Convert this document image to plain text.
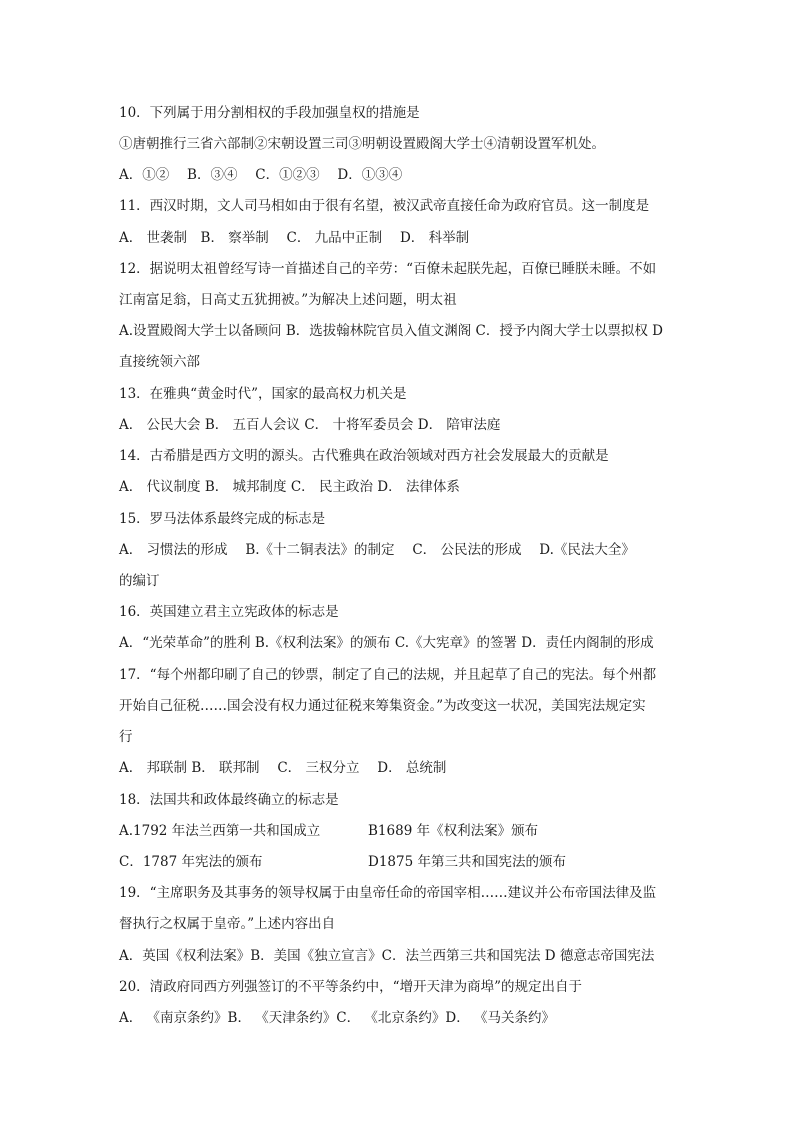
10．下列属于用分割相权的手段加强皇权的措施是
①唐朝推行三省六部制②宋朝设置三司③明朝设置殿阁大学士④清朝设置军机处。
A．①②　 B．③④　 C．①②③　 D．①③④
11．西汉时期，文人司马相如由于很有名望，被汉武帝直接任命为政府官员。这一制度是
A． 世袭制　B． 察举制　 C． 九品中正制　 D． 科举制
12．据说明太祖曾经写诗一首描述自己的辛劳：“百僚未起朕先起，百僚已睡朕未睡。不如
江南富足翁，日高丈五犹拥被。”为解决上述问题，明太祖
A.设置殿阁大学士以备顾问 B．选拔翰林院官员入值文渊阁 C．授予内阁大学士以票拟权 D
直接统领六部
13．在雅典“黄金时代”，国家的最高权力机关是
A． 公民大会 B． 五百人会议 C． 十将军委员会 D． 陪审法庭
14．古希腊是西方文明的源头。古代雅典在政治领域对西方社会发展最大的贡献是
A． 代议制度 B． 城邦制度 C． 民主政治 D． 法律体系
15．罗马法体系最终完成的标志是
A． 习惯法的形成　 B.《十二铜表法》的制定　 C． 公民法的形成　 D.《民法大全》
的编订
16．英国建立君主立宪政体的标志是
A．“光荣革命”的胜利 B.《权利法案》的颁布 C.《大宪章》的签署 D．责任内阁制的形成
17．“每个州都印刷了自己的钞票，制定了自己的法规，并且起草了自己的宪法。每个州都
开始自己征税……国会没有权力通过征税来筹集资金。”为改变这一状况，美国宪法规定实
行
A． 邦联制 B． 联邦制 　C． 三权分立 　D． 总统制
18．法国共和政体最终确立的标志是
A.1792 年法兰西第一共和国成立	B1689 年《权利法案》颁布
C．1787 年宪法的颁布	D1875 年第三共和国宪法的颁布
19．“主席职务及其事务的领导权属于由皇帝任命的帝国宰相……建议并公布帝国法律及监
督执行之权属于皇帝。”上述内容出自
A．英国《权利法案》B．美国《独立宣言》C．法兰西第三共和国宪法 D 德意志帝国宪法
20．清政府同西方列强签订的不平等条约中，“增开天津为商埠”的规定出自于
A． 《南京条约》B． 《天津条约》C． 《北京条约》D． 《马关条约》
